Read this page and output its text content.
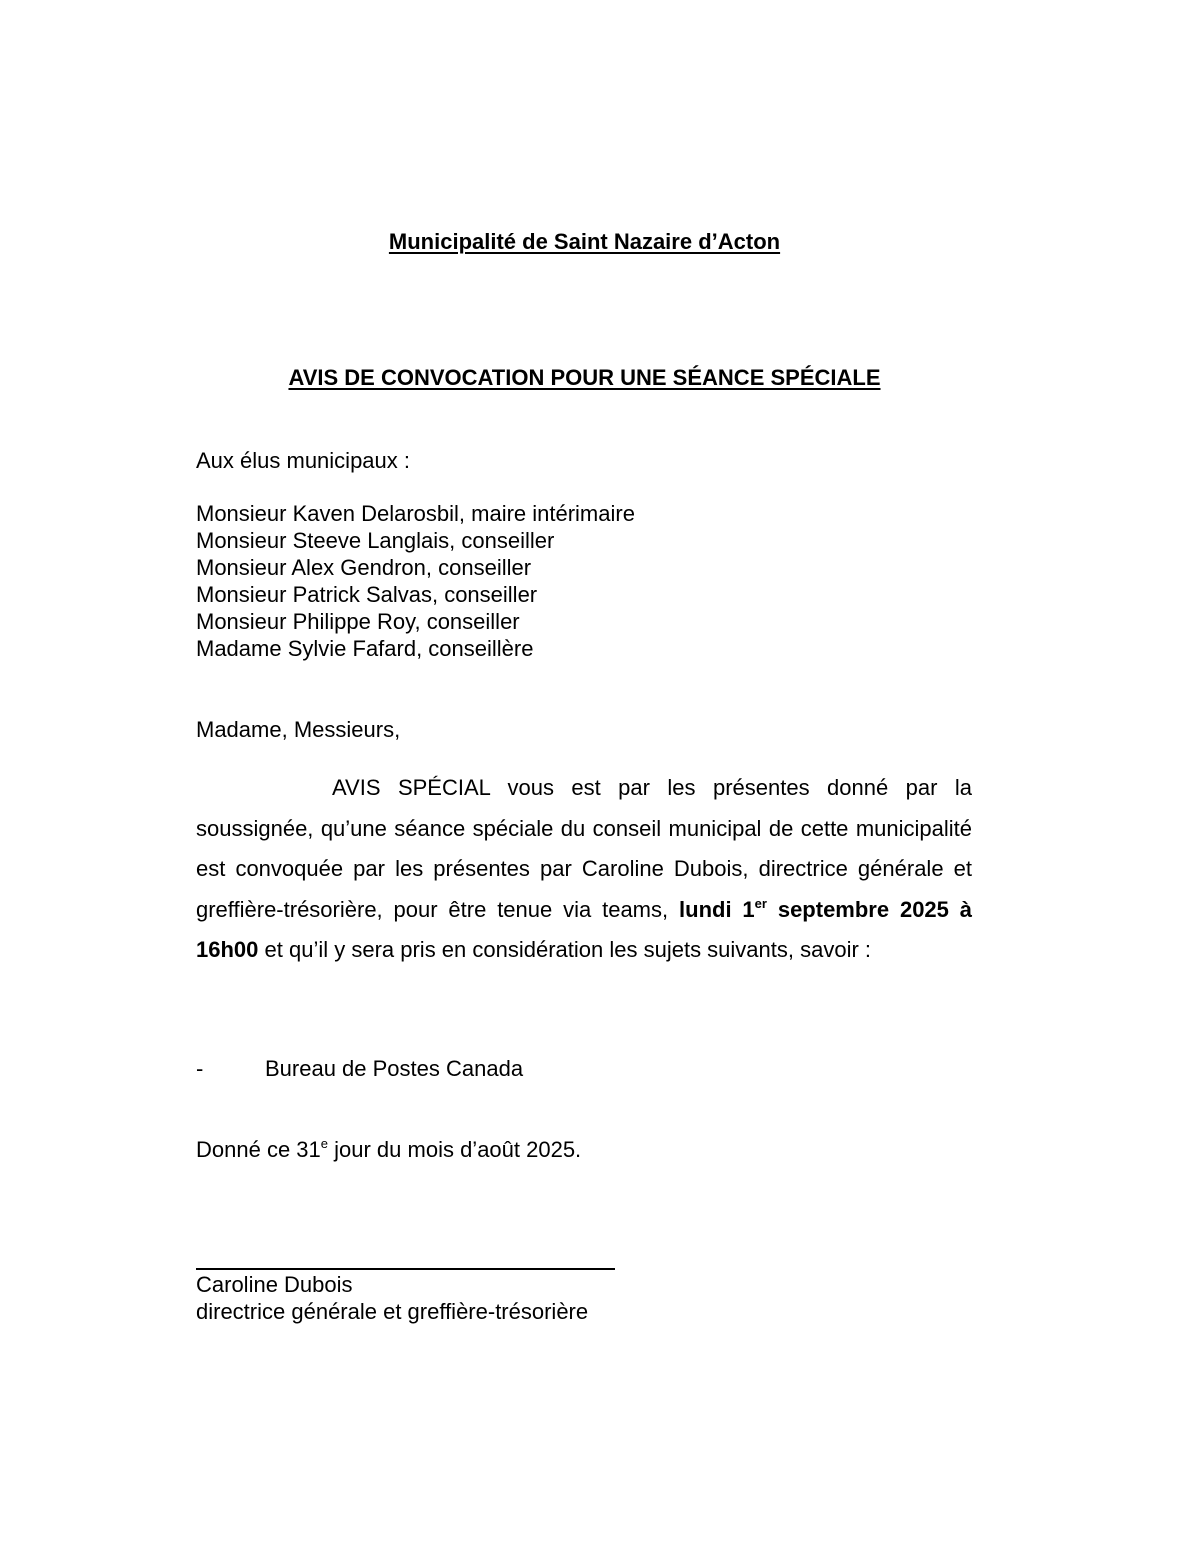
Municipalité de Saint Nazaire d’Acton
AVIS DE CONVOCATION POUR UNE SÉANCE SPÉCIALE
Aux élus municipaux :
Monsieur Kaven Delarosbil, maire intérimaire
Monsieur Steeve Langlais, conseiller
Monsieur Alex Gendron, conseiller
Monsieur Patrick Salvas, conseiller
Monsieur Philippe Roy, conseiller
Madame Sylvie Fafard, conseillère
Madame, Messieurs,
AVIS SPÉCIAL vous est par les présentes donné par la soussignée, qu’une séance spéciale du conseil municipal de cette municipalité est convoquée par les présentes par Caroline Dubois, directrice générale et greffière-trésorière, pour être tenue via teams, lundi 1er septembre 2025 à 16h00 et qu’il y sera pris en considération les sujets suivants, savoir :
-	Bureau de Postes Canada
Donné ce 31e jour du mois d’août 2025.
Caroline Dubois
directrice générale et greffière-trésorière
